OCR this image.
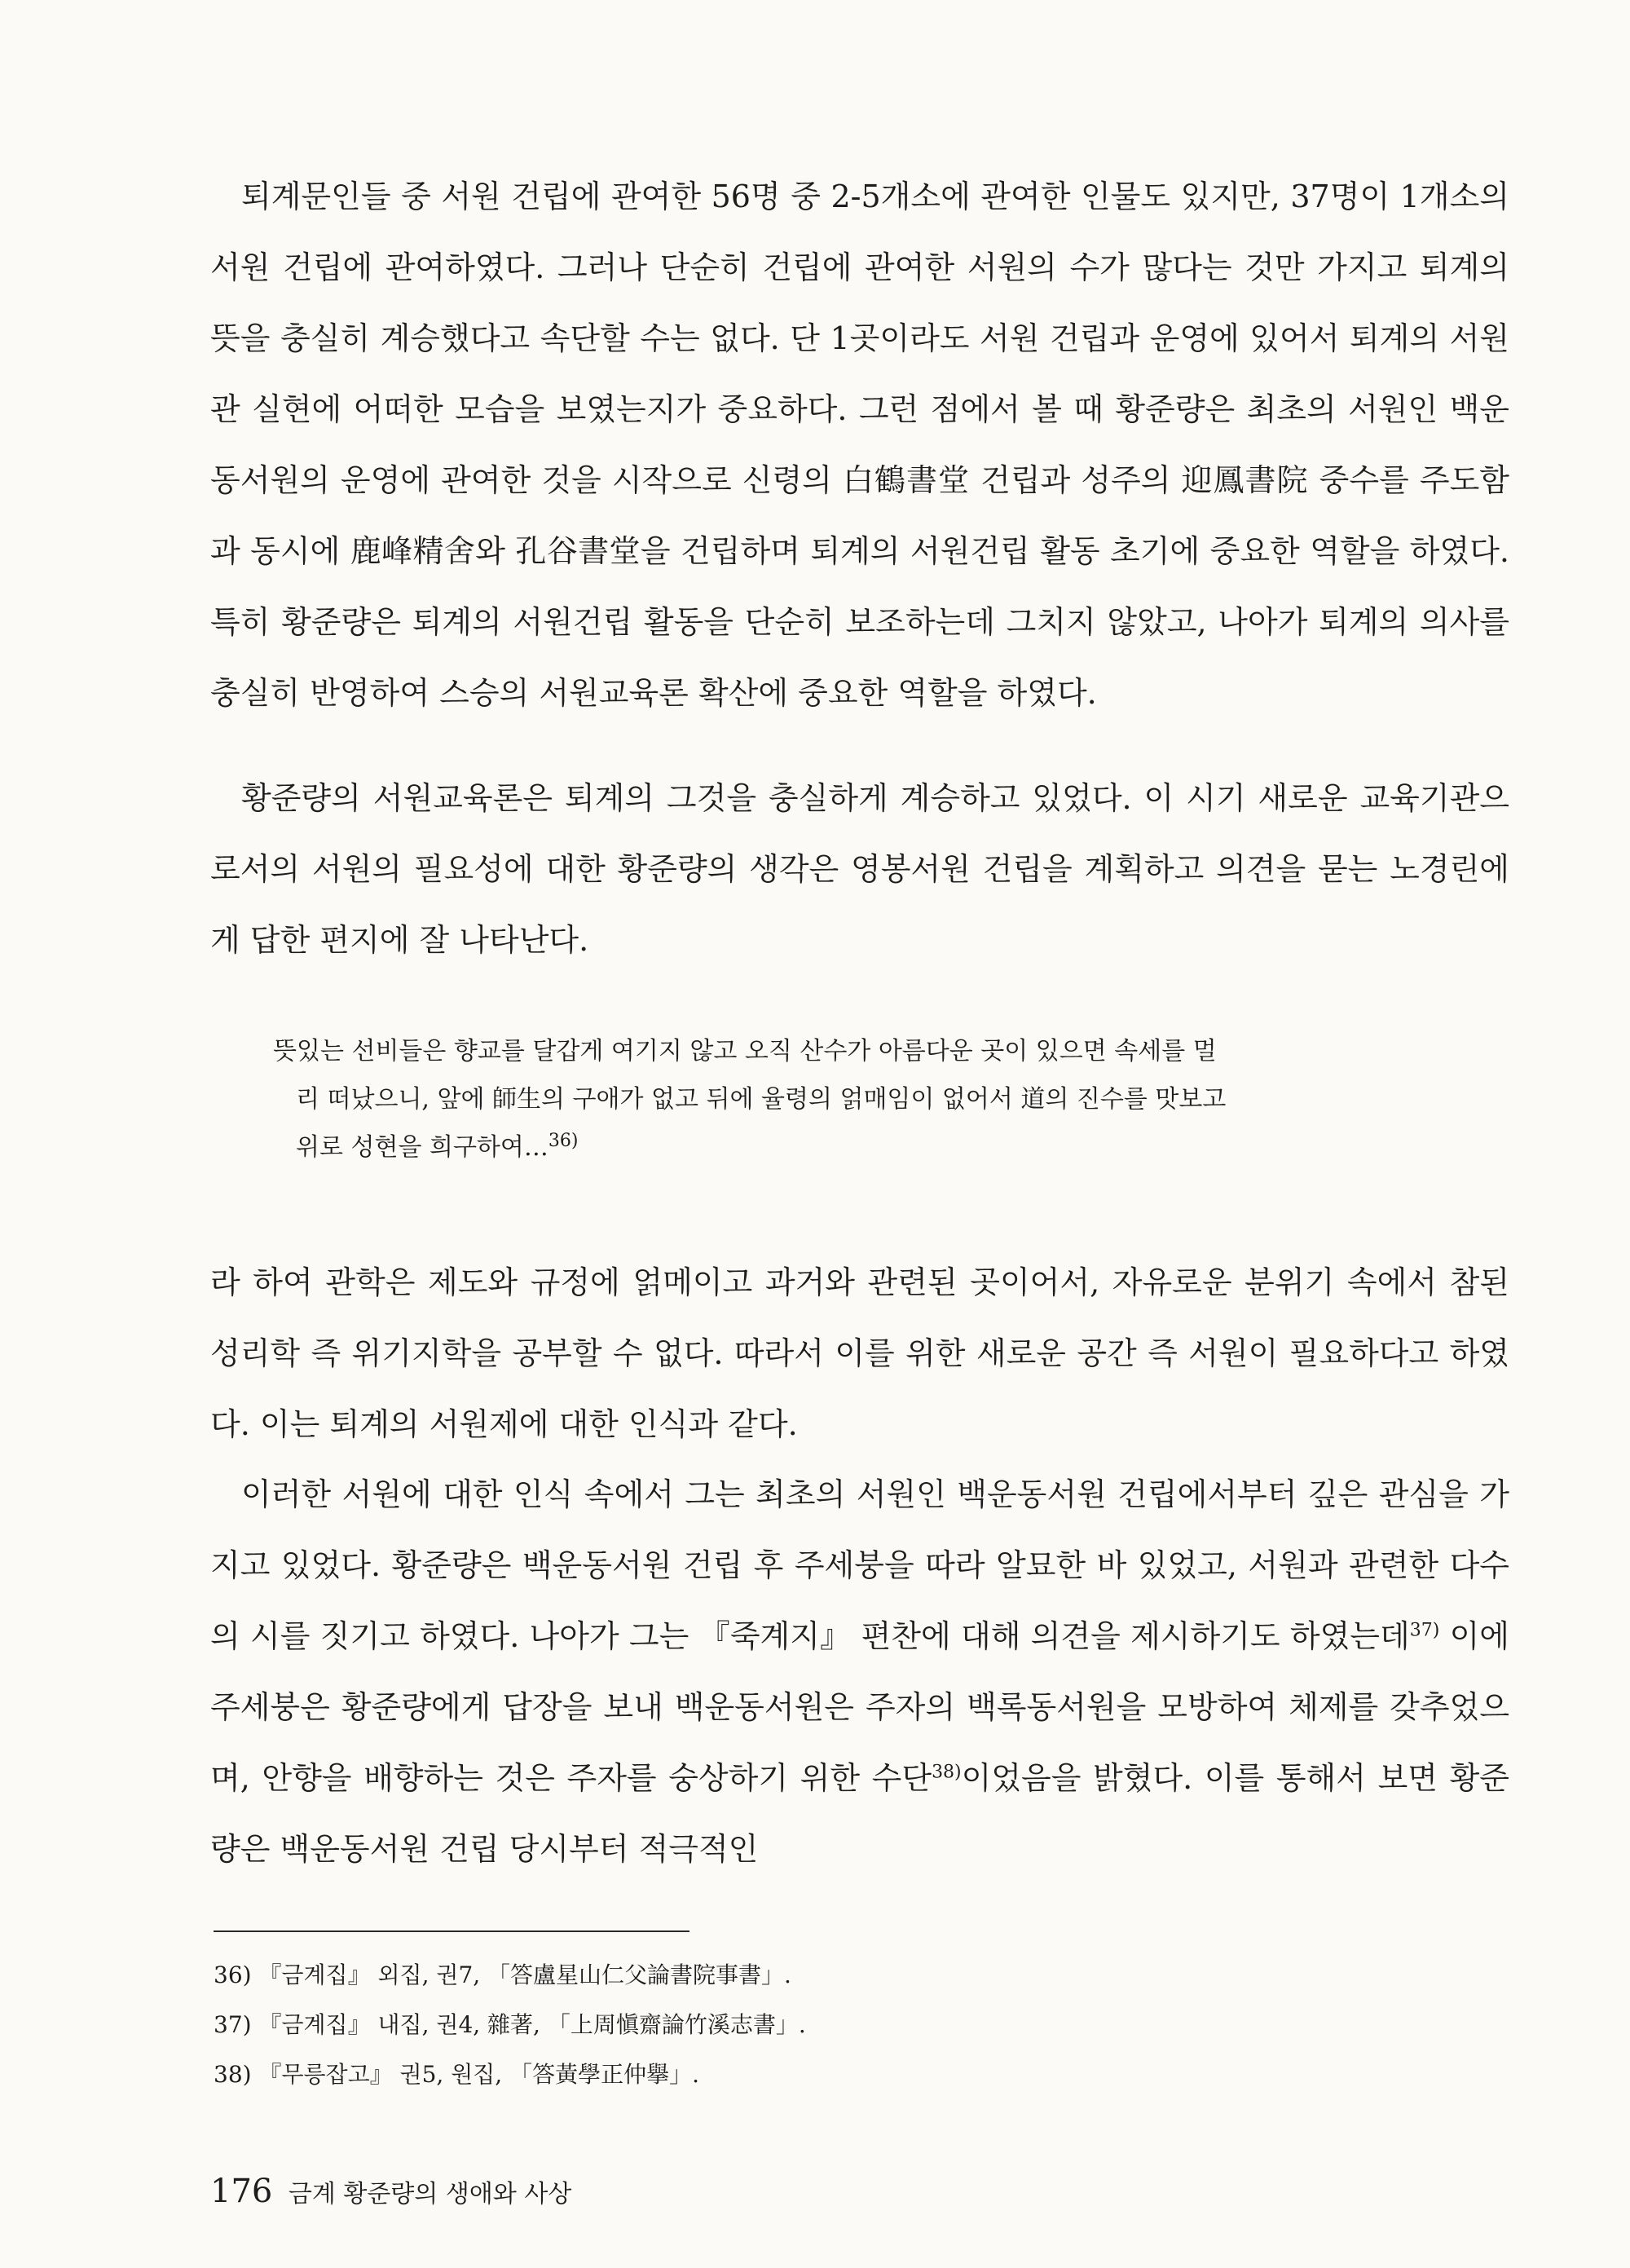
퇴계문인들 중 서원 건립에 관여한 56명 중 2-5개소에 관여한 인물도 있지만, 37명이 1개소의 서원 건립에 관여하였다. 그러나 단순히 건립에 관여한 서원의 수가 많다는 것만 가지고 퇴계의 뜻을 충실히 계승했다고 속단할 수는 없다. 단 1곳이라도 서원 건립과 운영에 있어서 퇴계의 서원관 실현에 어떠한 모습을 보였는지가 중요하다. 그런 점에서 볼 때 황준량은 최초의 서원인 백운동서원의 운영에 관여한 것을 시작으로 신령의 白鶴書堂 건립과 성주의 迎鳳書院 중수를 주도함과 동시에 鹿峰精舍와 孔谷書堂을 건립하며 퇴계의 서원건립 활동 초기에 중요한 역할을 하였다. 특히 황준량은 퇴계의 서원건립 활동을 단순히 보조하는데 그치지 않았고, 나아가 퇴계의 의사를 충실히 반영하여 스승의 서원교육론 확산에 중요한 역할을 하였다.

황준량의 서원교육론은 퇴계의 그것을 충실하게 계승하고 있었다. 이 시기 새로운 교육기관으로서의 서원의 필요성에 대한 황준량의 생각은 영봉서원 건립을 계획하고 의견을 묻는 노경린에게 답한 편지에 잘 나타난다.

뜻있는 선비들은 향교를 달갑게 여기지 않고 오직 산수가 아름다운 곳이 있으면 속세를 멀
리 떠났으니, 앞에 師生의 구애가 없고 뒤에 율령의 얽매임이 없어서 道의 진수를 맛보고
위로 성현을 희구하여…$^{36)}$

라 하여 관학은 제도와 규정에 얽메이고 과거와 관련된 곳이어서, 자유로운 분위기 속에서 참된 성리학 즉 위기지학을 공부할 수 없다. 따라서 이를 위한 새로운 공간 즉 서원이 필요하다고 하였다. 이는 퇴계의 서원제에 대한 인식과 같다.

이러한 서원에 대한 인식 속에서 그는 최초의 서원인 백운동서원 건립에서부터 깊은 관심을 가지고 있었다. 황준량은 백운동서원 건립 후 주세붕을 따라 알묘한 바 있었고, 서원과 관련한 다수의 시를 짓기고 하였다. 나아가 그는 『죽계지』 편찬에 대해 의견을 제시하기도 하였는데$^{37)}$ 이에 주세붕은 황준량에게 답장을 보내 백운동서원은 주자의 백록동서원을 모방하여 체제를 갖추었으며, 안향을 배향하는 것은 주자를 숭상하기 위한 수단$^{38)}$이었음을 밝혔다. 이를 통해서 보면 황준량은 백운동서원 건립 당시부터 적극적인

36) 『금계집』 외집, 권7, 「答盧星山仁父論書院事書」.
37) 『금계집』 내집, 권4, 雜著, 「上周愼齋論竹溪志書」.
38) 『무릉잡고』 권5, 원집, 「答黃學正仲擧」.
176 금계 황준량의 생애와 사상
